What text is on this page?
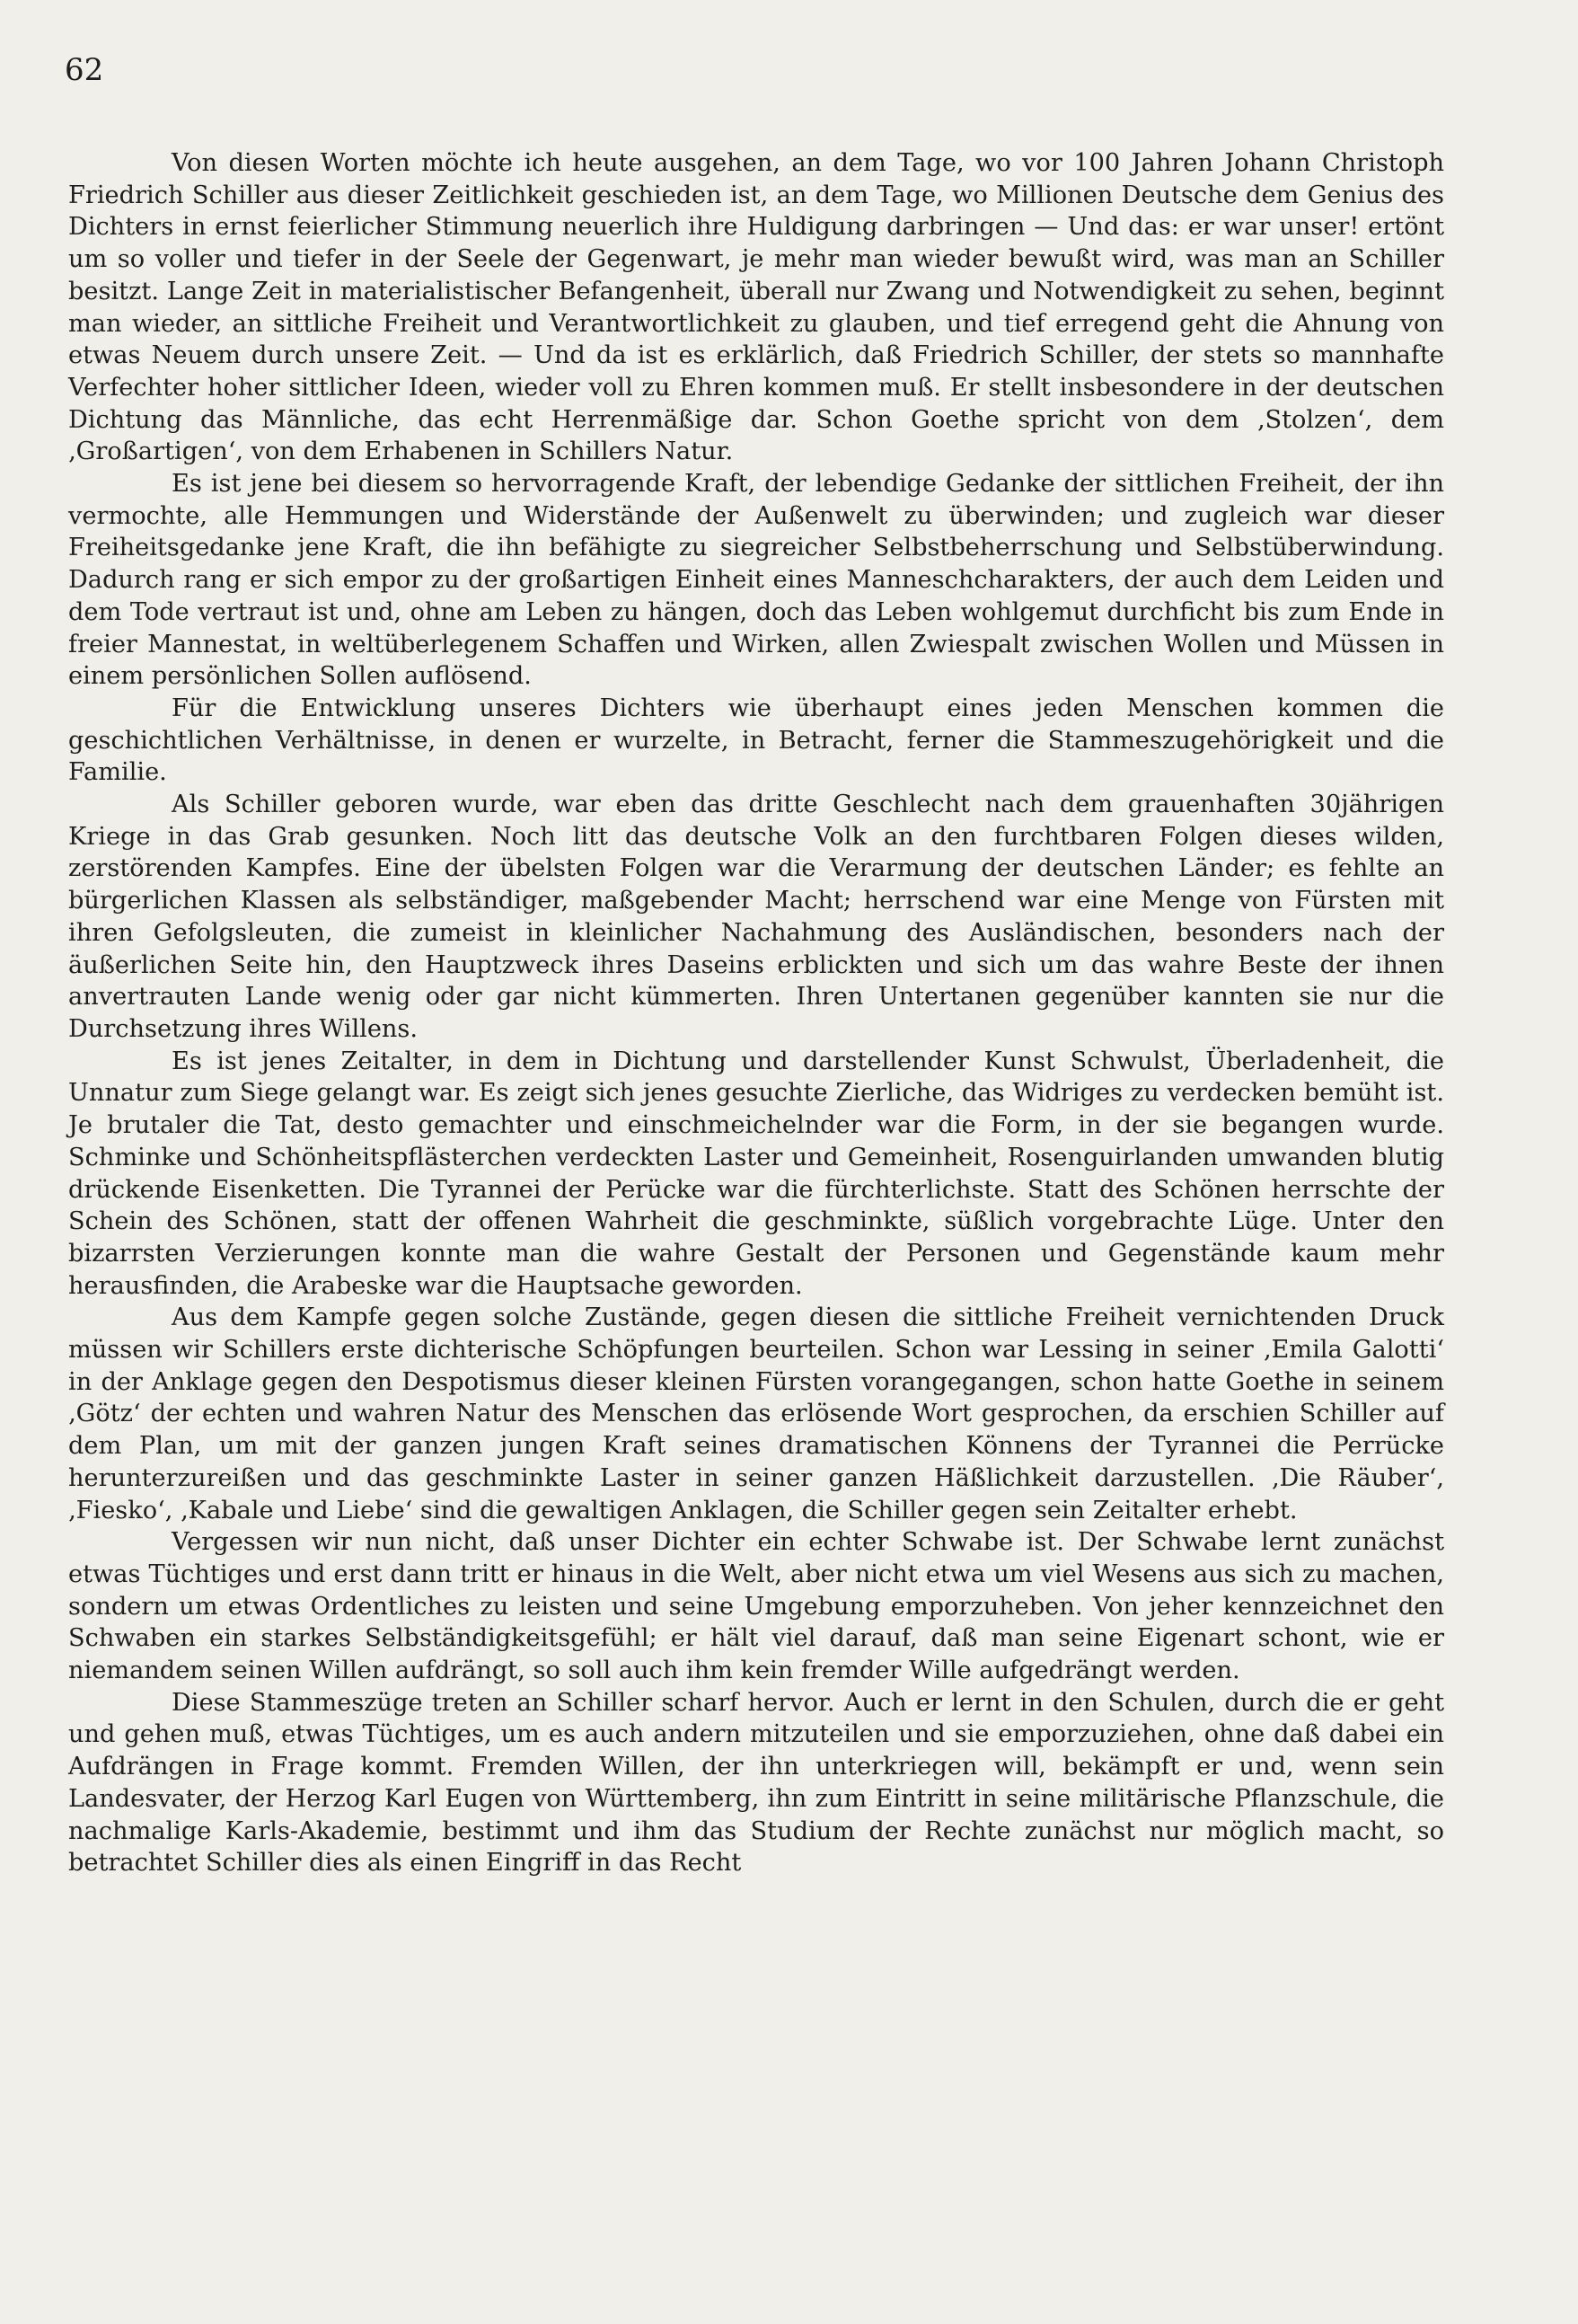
62

Von diesen Worten möchte ich heute ausgehen, an dem Tage, wo vor 100 Jahren Johann Christoph Friedrich Schiller aus dieser Zeitlichkeit geschieden ist, an dem Tage, wo Millionen Deutsche dem Genius des Dichters in ernst feierlicher Stimmung neuerlich ihre Huldigung darbringen — Und das: er war unser! ertönt um so voller und tiefer in der Seele der Gegenwart, je mehr man wieder bewußt wird, was man an Schiller besitzt. Lange Zeit in materialistischer Befangenheit, überall nur Zwang und Notwendigkeit zu sehen, beginnt man wieder, an sittliche Freiheit und Verantwortlichkeit zu glauben, und tief erregend geht die Ahnung von etwas Neuem durch unsere Zeit. — Und da ist es erklärlich, daß Friedrich Schiller, der stets so mannhafte Verfechter hoher sittlicher Ideen, wieder voll zu Ehren kommen muß. Er stellt insbesondere in der deutschen Dichtung das Männliche, das echt Herrenmäßige dar. Schon Goethe spricht von dem ‚Stolzen‘, dem ‚Großartigen‘, von dem Erhabenen in Schillers Natur.

Es ist jene bei diesem so hervorragende Kraft, der lebendige Gedanke der sittlichen Freiheit, der ihn vermochte, alle Hemmungen und Widerstände der Außenwelt zu überwinden; und zugleich war dieser Freiheitsgedanke jene Kraft, die ihn befähigte zu siegreicher Selbstbeherrschung und Selbstüberwindung. Dadurch rang er sich empor zu der großartigen Einheit eines Manneschcharakters, der auch dem Leiden und dem Tode vertraut ist und, ohne am Leben zu hängen, doch das Leben wohlgemut durchficht bis zum Ende in freier Mannestat, in weltüberlegenem Schaffen und Wirken, allen Zwiespalt zwischen Wollen und Müssen in einem persönlichen Sollen auflösend.

Für die Entwicklung unseres Dichters wie überhaupt eines jeden Menschen kommen die geschichtlichen Verhältnisse, in denen er wurzelte, in Betracht, ferner die Stammeszugehörigkeit und die Familie.

Als Schiller geboren wurde, war eben das dritte Geschlecht nach dem grauenhaften 30jährigen Kriege in das Grab gesunken. Noch litt das deutsche Volk an den furchtbaren Folgen dieses wilden, zerstörenden Kampfes. Eine der übelsten Folgen war die Verarmung der deutschen Länder; es fehlte an bürgerlichen Klassen als selbständiger, maßgebender Macht; herrschend war eine Menge von Fürsten mit ihren Gefolgsleuten, die zumeist in kleinlicher Nachahmung des Ausländischen, besonders nach der äußerlichen Seite hin, den Hauptzweck ihres Daseins erblickten und sich um das wahre Beste der ihnen anvertrauten Lande wenig oder gar nicht kümmerten. Ihren Untertanen gegenüber kannten sie nur die Durchsetzung ihres Willens.

Es ist jenes Zeitalter, in dem in Dichtung und darstellender Kunst Schwulst, Überladenheit, die Unnatur zum Siege gelangt war. Es zeigt sich jenes gesuchte Zierliche, das Widriges zu verdecken bemüht ist. Je brutaler die Tat, desto gemachter und einschmeichelnder war die Form, in der sie begangen wurde. Schminke und Schönheitspflästerchen verdeckten Laster und Gemeinheit, Rosenguirlanden umwanden blutig drückende Eisenketten. Die Tyrannei der Perücke war die fürchterlichste. Statt des Schönen herrschte der Schein des Schönen, statt der offenen Wahrheit die geschminkte, süßlich vorgebrachte Lüge. Unter den bizarrsten Verzierungen konnte man die wahre Gestalt der Personen und Gegenstände kaum mehr herausfinden, die Arabeske war die Hauptsache geworden.

Aus dem Kampfe gegen solche Zustände, gegen diesen die sittliche Freiheit vernichtenden Druck müssen wir Schillers erste dichterische Schöpfungen beurteilen. Schon war Lessing in seiner ‚Emila Galotti‘ in der Anklage gegen den Despotismus dieser kleinen Fürsten vorangegangen, schon hatte Goethe in seinem ‚Götz‘ der echten und wahren Natur des Menschen das erlösende Wort gesprochen, da erschien Schiller auf dem Plan, um mit der ganzen jungen Kraft seines dramatischen Könnens der Tyrannei die Perrücke herunterzureißen und das geschminkte Laster in seiner ganzen Häßlichkeit darzustellen. ‚Die Räuber‘, ‚Fiesko‘, ‚Kabale und Liebe‘ sind die gewaltigen Anklagen, die Schiller gegen sein Zeitalter erhebt.

Vergessen wir nun nicht, daß unser Dichter ein echter Schwabe ist. Der Schwabe lernt zunächst etwas Tüchtiges und erst dann tritt er hinaus in die Welt, aber nicht etwa um viel Wesens aus sich zu machen, sondern um etwas Ordentliches zu leisten und seine Umgebung emporzuheben. Von jeher kennzeichnet den Schwaben ein starkes Selbständigkeitsgefühl; er hält viel darauf, daß man seine Eigenart schont, wie er niemandem seinen Willen aufdrängt, so soll auch ihm kein fremder Wille aufgedrängt werden.

Diese Stammeszüge treten an Schiller scharf hervor. Auch er lernt in den Schulen, durch die er geht und gehen muß, etwas Tüchtiges, um es auch andern mitzuteilen und sie emporzuziehen, ohne daß dabei ein Aufdrängen in Frage kommt. Fremden Willen, der ihn unterkriegen will, bekämpft er und, wenn sein Landesvater, der Herzog Karl Eugen von Württemberg, ihn zum Eintritt in seine militärische Pflanzschule, die nachmalige Karls-Akademie, bestimmt und ihm das Studium der Rechte zunächst nur möglich macht, so betrachtet Schiller dies als einen Eingriff in das Recht
